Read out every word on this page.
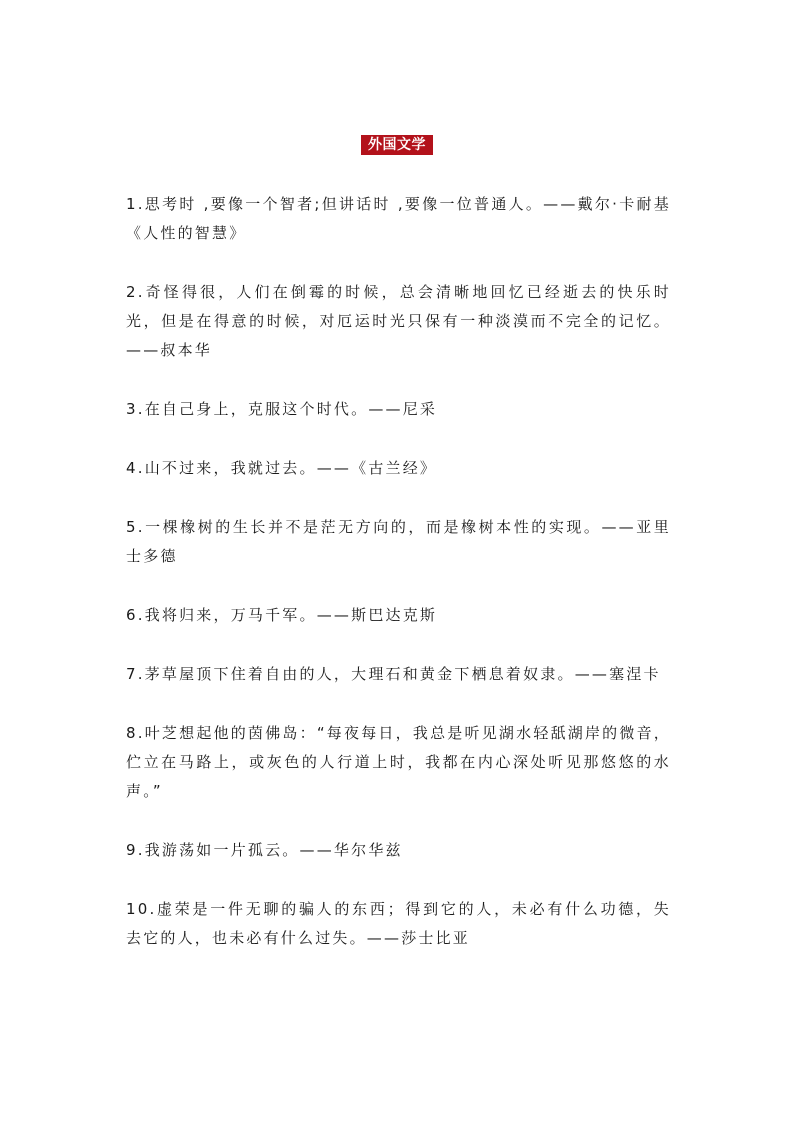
外国文学

1.思考时 ,要像一个智者;但讲话时 ,要像一位普通人。——戴尔·卡耐基《人性的智慧》

2.奇怪得很，人们在倒霉的时候，总会清晰地回忆已经逝去的快乐时光，但是在得意的时候，对厄运时光只保有一种淡漠而不完全的记忆。——叔本华

3.在自己身上，克服这个时代。——尼采

4.山不过来，我就过去。——《古兰经》

5.一棵橡树的生长并不是茫无方向的，而是橡树本性的实现。——亚里士多德

6.我将归来，万马千军。——斯巴达克斯

7.茅草屋顶下住着自由的人，大理石和黄金下栖息着奴隶。——塞涅卡

8.叶芝想起他的茵佛岛：“每夜每日，我总是听见湖水轻舐湖岸的微音，伫立在马路上，或灰色的人行道上时，我都在内心深处听见那悠悠的水声。”

9.我游荡如一片孤云。——华尔华兹

10.虚荣是一件无聊的骗人的东西；得到它的人，未必有什么功德，失去它的人，也未必有什么过失。——莎士比亚
